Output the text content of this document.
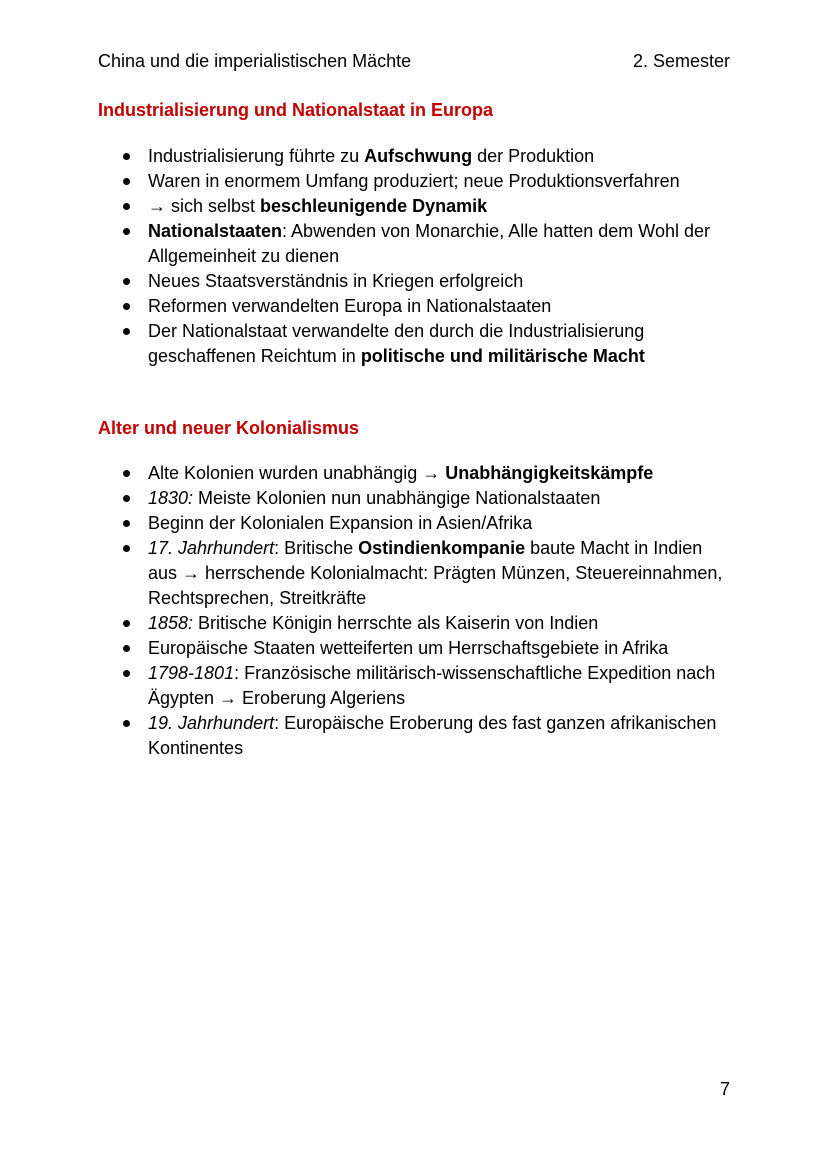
China und die imperialistischen Mächte	2. Semester
Industrialisierung und Nationalstaat in Europa
Industrialisierung führte zu Aufschwung der Produktion
Waren in enormem Umfang produziert; neue Produktionsverfahren
→ sich selbst beschleunigende Dynamik
Nationalstaaten: Abwenden von Monarchie, Alle hatten dem Wohl der Allgemeinheit zu dienen
Neues Staatsverständnis in Kriegen erfolgreich
Reformen verwandelten Europa in Nationalstaaten
Der Nationalstaat verwandelte den durch die Industrialisierung geschaffenen Reichtum in politische und militärische Macht
Alter und neuer Kolonialismus
Alte Kolonien wurden unabhängig → Unabhängigkeitskämpfe
1830: Meiste Kolonien nun unabhängige Nationalstaaten
Beginn der Kolonialen Expansion in Asien/Afrika
17. Jahrhundert: Britische Ostindienkompanie baute Macht in Indien aus → herrschende Kolonialmacht: Prägten Münzen, Steuereinnahmen, Rechtsprechen, Streitkräfte
1858: Britische Königin herrschte als Kaiserin von Indien
Europäische Staaten wetteiferten um Herrschaftsgebiete in Afrika
1798-1801: Französische militärisch-wissenschaftliche Expedition nach Ägypten → Eroberung Algeriens
19. Jahrhundert: Europäische Eroberung des fast ganzen afrikanischen Kontinentes
7
